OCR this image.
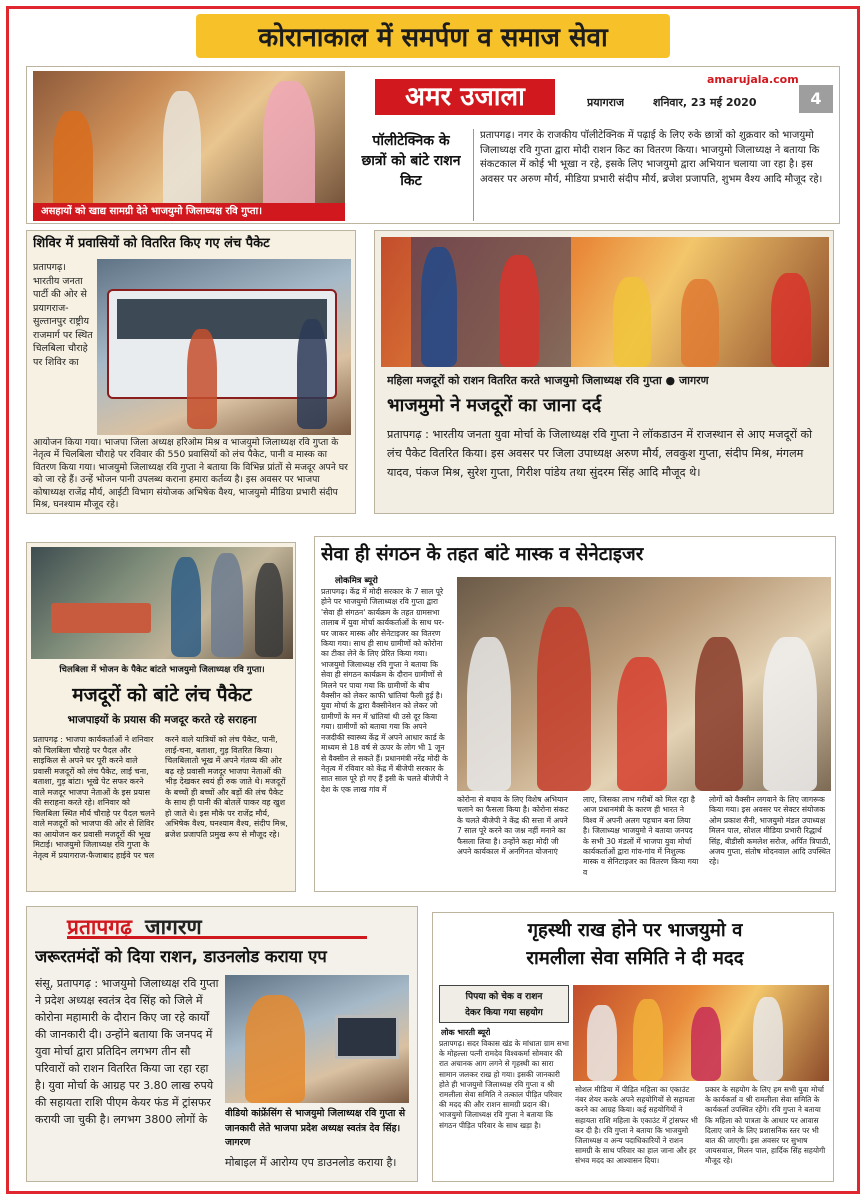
कोरानाकाल में समर्पण व समाज सेवा
असहायों को खाद्य सामग्री देते भाजयुमो जिलाध्यक्ष रवि गुप्ता।
अमर उजाला
amarujala.com
प्रयागराज	शनिवार, 23 मई 2020	4
पॉलीटेक्निक के छात्रों को बांटे राशन किट
प्रतापगढ़। नगर के राजकीय पॉलीटेक्निक में पढ़ाई के लिए रुके छात्रों को शुक्रवार को भाजयुमो जिलाध्यक्ष रवि गुप्ता द्वारा मोदी राशन किट का वितरण किया। भाजयुमो जिलाध्यक्ष ने बताया कि संकटकाल में कोई भी भूखा न रहे, इसके लिए भाजयुमो द्वारा अभियान चलाया जा रहा है। इस अवसर पर अरुण मौर्य, मीडिया प्रभारी संदीप मौर्य, ब्रजेश प्रजापति, शुभम वैश्य आदि मौजूद रहे।
शिविर में प्रवासियों को वितरित किए गए लंच पैकेट
प्रतापगढ़। भारतीय जनता पार्टी की ओर से प्रयागराज-सुल्तानपुर राष्ट्रीय राजमार्ग पर स्थित चिलबिला चौराहे पर शिविर का
आयोजन किया गया। भाजपा जिला अध्यक्ष हरिओम मिश्र व भाजयुमो जिलाध्यक्ष रवि गुप्ता के नेतृत्व में चिलबिला चौराहे पर रविवार की 550 प्रवासियों को लंच पैकेट, पानी व मास्क का वितरण किया गया। भाजयुमो जिलाध्यक्ष रवि गुप्ता ने बताया कि विभिन्न प्रांतों से मजदूर अपने घर को जा रहे हैं। उन्हें भोजन पानी उपलब्ध कराना हमारा कर्तव्य है। इस अवसर पर भाजपा कोषाध्यक्ष राजेंद्र मौर्य, आईटी विभाग संयोजक अभिषेक वैश्य, भाजयुमो मीडिया प्रभारी संदीप मिश्र, घनश्याम मौजूद रहे।
महिला मजदूरों को राशन वितरित करते भाजयुमो जिलाध्यक्ष रवि गुप्ता ● जागरण
भाजमुमो ने मजदूरों का जाना दर्द
प्रतापगढ़ : भारतीय जनता युवा मोर्चा के जिलाध्यक्ष रवि गुप्ता ने लॉकडाउन में राजस्थान से आए मजदूरों को लंच पैकेट वितरित किया। इस अवसर पर जिला उपाध्यक्ष अरुण मौर्य, लवकुश गुप्ता, संदीप मिश्र, मंगलम यादव, पंकज मिश्र, सुरेश गुप्ता, गिरीश पांडेय तथा सुंदरम सिंह आदि मौजूद थे।
चिलबिला में भोजन के पैकेट बांटते भाजयुमो जिलाध्यक्ष रवि गुप्ता।
मजदूरों को बांटे लंच पैकेट
भाजपाइयों के प्रयास की मजदूर करते रहे सराहना
प्रतापगढ़ : भाजपा कार्यकर्ताओं ने शनिवार को चिलबिला चौराहे पर पैदल और साइकिल से अपने घर पूरी करने वाले प्रवासी मजदूरों को लंच पैकेट, लाई चना, बताशा, गुड़ बांटा। भूखे पेट सफर करने वाले मजदूर भाजपा नेताओं के इस प्रयास की सराहना करते रहे। शनिवार को चिलबिला स्थित मौर्य चौराहे पर पैदल चलने वाले मजदूरों को भाजपा की ओर से शिविर का आयोजन कर प्रवासी मजदूरों की भूख मिटाई। भाजयुमो जिलाध्यक्ष रवि गुप्ता के नेतृत्व में प्रयागराज-फैजाबाद हाईवे पर चल
करने वाले यात्रियों को लंच पैकेट, पानी, लाई-चना, बताशा, गुड़ वितरित किया। चिलबिलातो भूख में अपने गंतव्य की ओर बढ़ रहे प्रवासी मजदूर भाजपा नेताओं की भीड़ देखकर स्वयं ही रुक जाते थे। मजदूरों के बच्चों ही बच्चों और बड़ों की लंच पैकेट के साथ ही पानी की बोतलें पाकर वह खुश हो जाते थे। इस मौके पर राजेंद्र मौर्य, अभिषेक वैश्य, घनश्याम वैश्य, संदीप मिश्र, ब्रजेश प्रजापति प्रमुख रूप से मौजूद रहे।
सेवा ही संगठन के तहत बांटे मास्क व सेनेटाइजर
लोकमित्र ब्यूरो
प्रतापगढ़। केंद्र में मोदी सरकार के 7 साल पूरे होने पर भाजयुमो जिलाध्यक्ष रवि गुप्ता द्वारा 'सेवा ही संगठन' कार्यक्रम के तहत ग्रामसभा तालाब में युवा मोर्चा कार्यकर्ताओं के साथ घर-घर जाकर मास्क और सेनेटाइजर का वितरण किया गया। साथ ही साथ ग्रामीणों को कोरोना का टीका लेने के लिए प्रेरित किया गया। भाजयुमो जिलाध्यक्ष रवि गुप्ता ने बताया कि सेवा ही संगठन कार्यक्रम के दौरान ग्रामीणों से मिलने पर पाया गया कि ग्रामीणों के बीच वैक्सीन को लेकर काफी भ्रांतियां फैली हुई है। युवा मोर्चा के द्वारा वैक्सीनेशन को लेकर जो ग्रामीणों के मन में भ्रांतियां थी उसे दूर किया गया। ग्रामीणों को बताया गया कि अपने नजदीकी स्वास्थ्य केंद्र में अपने आधार कार्ड के माध्यम से 18 वर्ष से ऊपर के लोग भी 1 जून से वैक्सीन ले सकते हैं। प्रधानमंत्री नरेंद्र मोदी के नेतृत्व में रविवार को केंद्र में बीजेपी सरकार के सात साल पूरे हो गए हैं इसी के चलते बीजेपी ने देश के एक लाख गांव में
कोरोना से बचाव के लिए विशेष अभियान चलाने का फैसला किया है। कोरोना संकट के चलते बीजेपी ने केंद्र की सत्ता में अपने 7 साल पूरे करने का जश्न नहीं मनाने का फैसला लिया है। उन्होंने कहा मोदी जी अपने कार्यकाल में अनगिनत योजनाएं
लाए, जिसका लाभ गरीबों को मिल रहा है आज प्रधानमंत्री के कारण ही भारत ने विश्व में अपनी अलग पहचान बना लिया है। जिलाध्यक्ष भाजयुमो ने बताया जनपद के सभी 30 मंडलों में भाजपा युवा मोर्चा कार्यकर्ताओं द्वारा गांव-गांव में निशुल्क मास्क व सेनिटाइजर का वितरण किया गया व
लोगों को वैक्सीन लगवाने के लिए जागरूक किया गया। इस अवसर पर सेक्टर संयोजक ओम प्रकाश सैनी, भाजयुमो मंडल उपाध्यक्ष मिलन पाल, सोशल मीडिया प्रभारी रिद्धार्थ सिंह, बीडीसी कमलेश सरोज, अर्पित त्रिपाठी, अजय गुप्ता, संतोष मोदनवाल आदि उपस्थित रहे।
प्रतापगढ़ जागरण
जरूरतमंदों को दिया राशन, डाउनलोड कराया एप
संसू, प्रतापगढ़ : भाजयुमो जिलाध्यक्ष रवि गुप्ता ने प्रदेश अध्यक्ष स्वतंत्र देव सिंह को जिले में कोरोना महामारी के दौरान किए जा रहे कार्यों की जानकारी दी। उन्होंने बताया कि जनपद में युवा मोर्चा द्वारा प्रतिदिन लगभग तीन सौ परिवारों को राशन वितरित किया जा रहा रहा है। युवा मोर्चा के आग्रह पर 3.80 लाख रुपये की सहायता राशि पीएम केयर फंड में ट्रांसफर करायी जा चुकी है। लगभग 3800 लोगों के	वीडियो कांफ्रेंसिंग से भाजयुमो जिलाध्यक्ष रवि गुप्ता से जानकारी लेते भाजपा प्रदेश अध्यक्ष स्वतंत्र देव सिंह। जागरण
मोबाइल में आरोग्य एप डाउनलोड कराया है।
गृहस्थी राख होने पर भाजयुमो व
रामलीला सेवा समिति ने दी मदद
पिपया को चेक व राशन
देकर किया गया सहयोग
लोक भारती ब्यूरो
प्रतापगढ़। सदर विकास खंड के मांधाता ग्राम सभा के मोहल्ला पत्नी रामदेव विश्वकर्मा सोमवार की रात अचानक आग लगने से गृहस्थी का सारा सामान जलकर राख हो गया। इसकी जानकारी होते ही भाजयुमो जिलाध्यक्ष रवि गुप्ता व श्री रामलीला सेवा समिति ने तत्काल पीड़ित परिवार की मदद की और राशन सामग्री प्रदान की। भाजयुमो जिलाध्यक्ष रवि गुप्ता ने बताया कि संगठन पीड़ित परिवार के साथ खड़ा है।
सोशल मीडिया में पीड़ित महिला का एकाउंट नंबर शेयर करके अपने सहयोगियों से सहायता करने का आग्रह किया। कई सहयोगियों ने सहायता राशि महिला के एकाउंट में ट्रांसफर भी कर दी है। रवि गुप्ता ने बताया कि भाजयुमो जिलाध्यक्ष व अन्य पदाधिकारियों ने राशन सामग्री के साथ परिवार का हाल जाना और हर संभव मदद का आश्वासन दिया।
प्रकार के सहयोग के लिए हम सभी युवा मोर्चा के कार्यकर्ता व श्री रामलीला सेवा समिति के कार्यकर्ता उपस्थित रहेंगे। रवि गुप्ता ने बताया कि महिला को पात्रता के आधार पर आवास दिलाए जाने के लिए प्रशासनिक स्तर पर भी बात की जाएगी। इस अवसर पर सुभाष जायसवाल, मिलन पाल, हार्दिक सिंह सहयोगी मौजूद रहे।
